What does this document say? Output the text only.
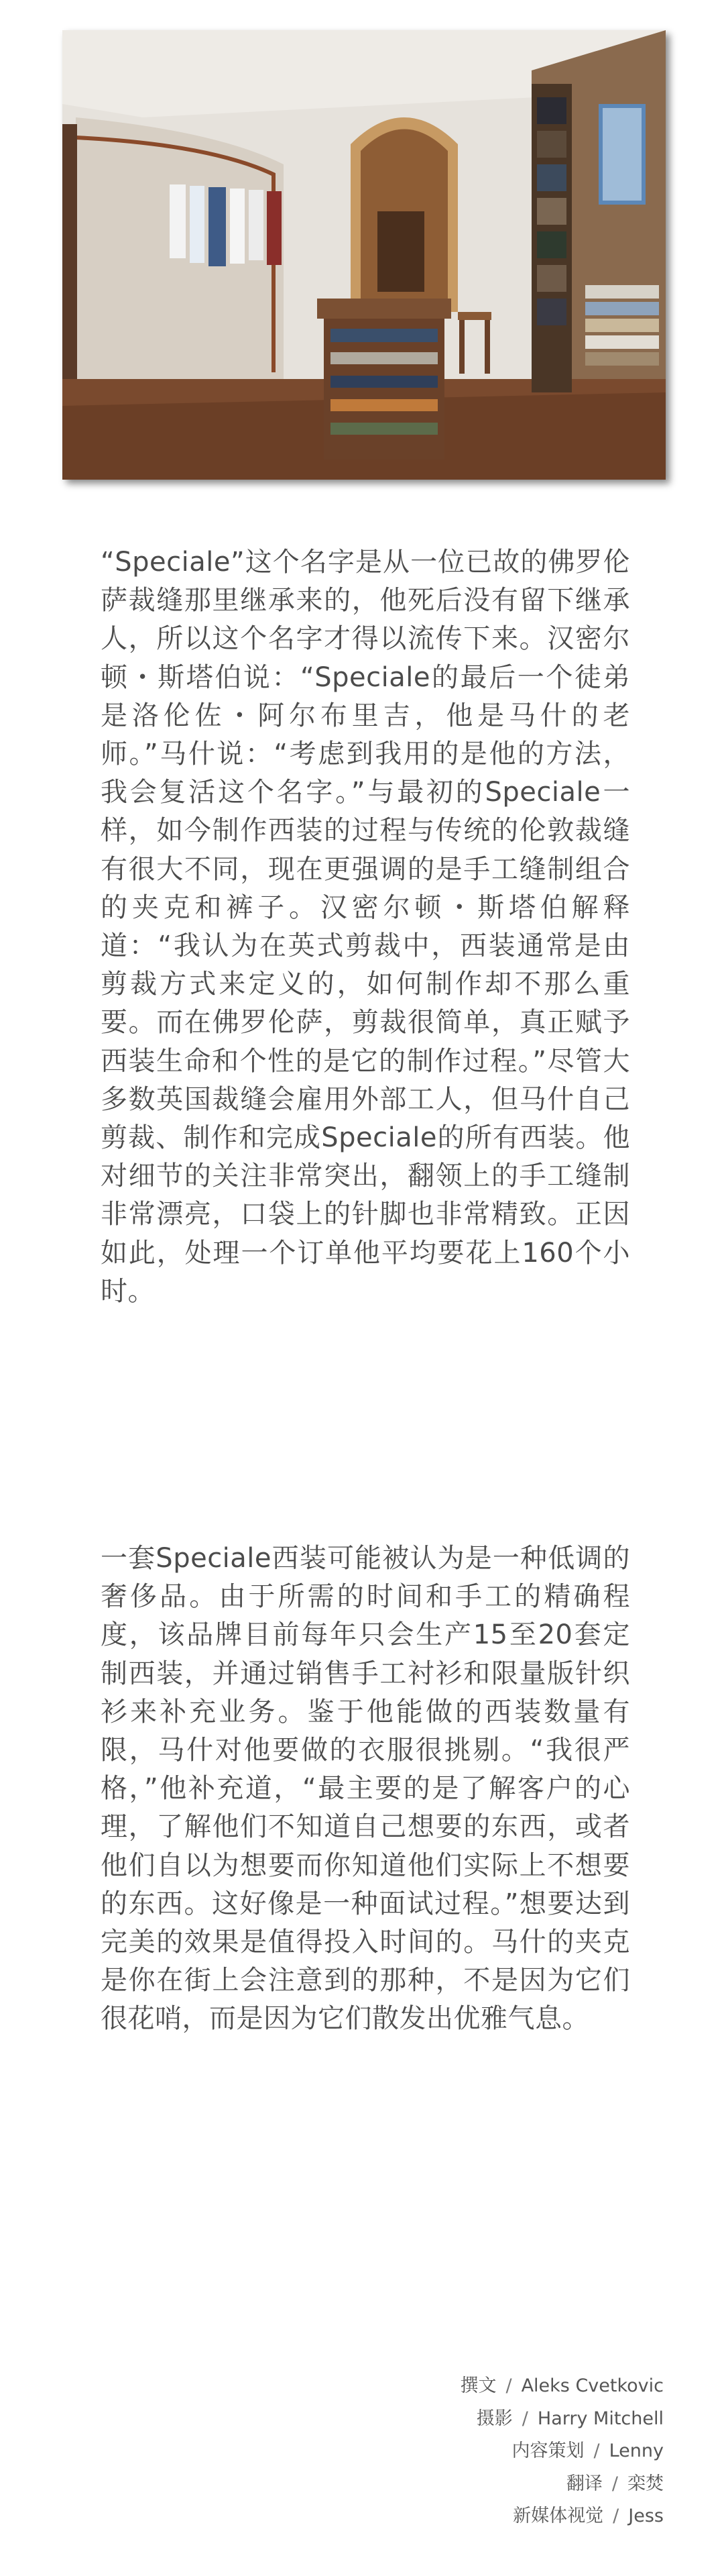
“Speciale”这个名字是从一位已故的佛罗伦萨裁缝那里继承来的，他死后没有留下继承人，所以这个名字才得以流传下来。汉密尔顿・斯塔伯说：“Speciale的最后一个徒弟是洛伦佐・阿尔布里吉，他是马什的老师。”马什说：“考虑到我用的是他的方法，我会复活这个名字。”与最初的Speciale一样，如今制作西装的过程与传统的伦敦裁缝有很大不同，现在更强调的是手工缝制组合的夹克和裤子。汉密尔顿・斯塔伯解释道：“我认为在英式剪裁中，西装通常是由剪裁方式来定义的，如何制作却不那么重要。而在佛罗伦萨，剪裁很简单，真正赋予西装生命和个性的是它的制作过程。”尽管大多数英国裁缝会雇用外部工人，但马什自己剪裁、制作和完成Speciale的所有西装。他对细节的关注非常突出，翻领上的手工缝制非常漂亮，口袋上的针脚也非常精致。正因如此，处理一个订单他平均要花上160个小时。

一套Speciale西装可能被认为是一种低调的奢侈品。由于所需的时间和手工的精确程度，该品牌目前每年只会生产15至20套定制西装，并通过销售手工衬衫和限量版针织衫来补充业务。鉴于他能做的西装数量有限，马什对他要做的衣服很挑剔。“我很严格，”他补充道，“最主要的是了解客户的心理，了解他们不知道自己想要的东西，或者他们自以为想要而你知道他们实际上不想要的东西。这好像是一种面试过程。”想要达到完美的效果是值得投入时间的。马什的夹克是你在街上会注意到的那种，不是因为它们很花哨，而是因为它们散发出优雅气息。

撰文 / Aleks Cvetkovic
摄影 / Harry Mitchell
内容策划 / Lenny
翻译 / 栾焚
新媒体视觉 / Jess
